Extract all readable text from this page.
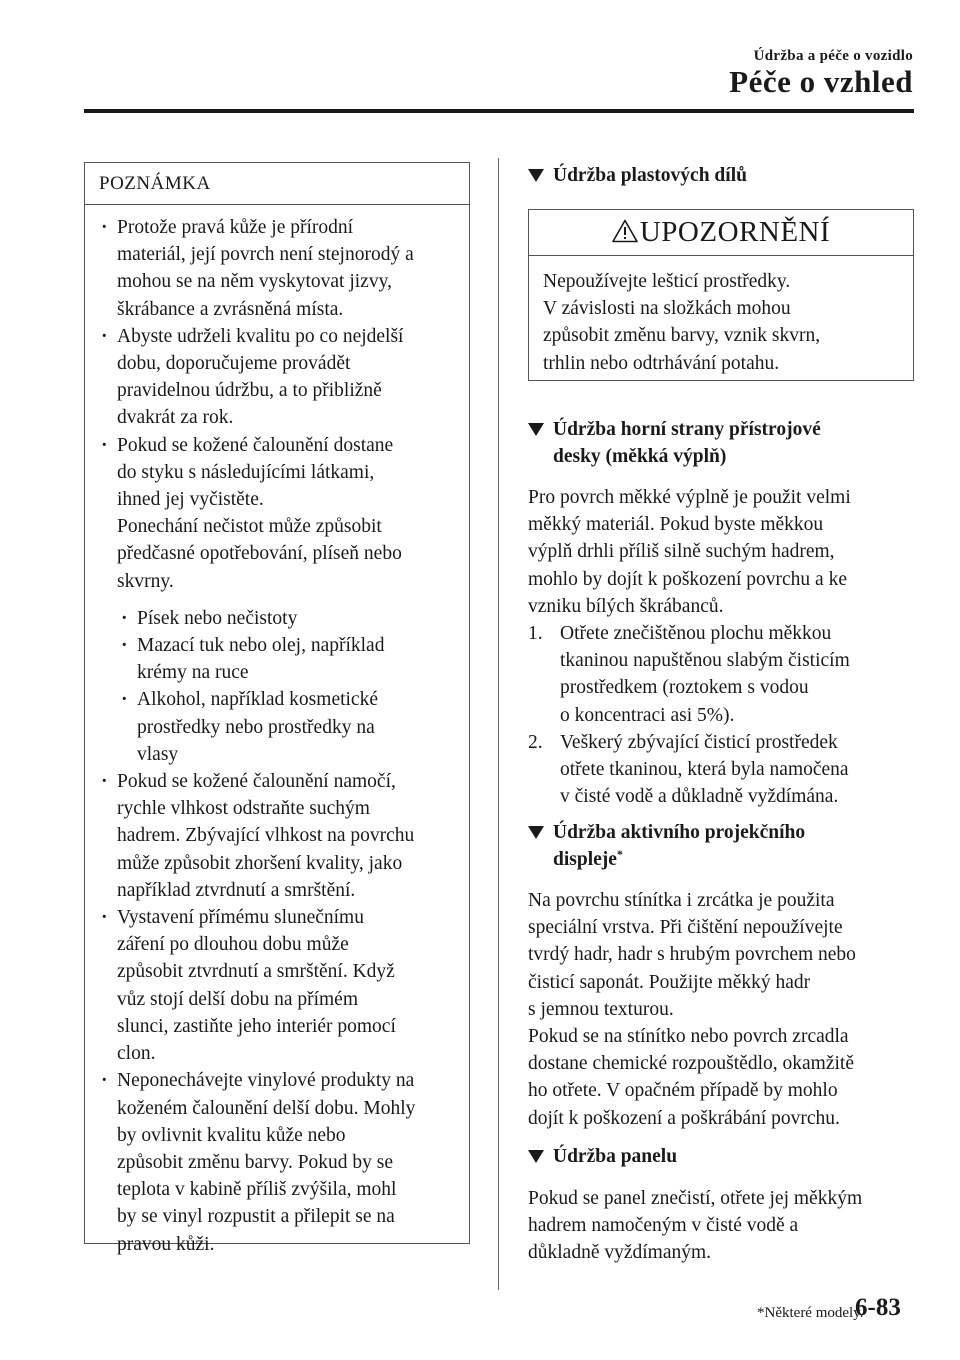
Údržba a péče o vozidlo
Péče o vzhled
POZNÁMKA
· Protože pravá kůže je přírodní
materiál, její povrch není stejnorodý a
mohou se na něm vyskytovat jizvy,
škrábance a zvrásněná místa.
· Abyste udrželi kvalitu po co nejdelší
dobu, doporučujeme provádět
pravidelnou údržbu, a to přibližně
dvakrát za rok.
· Pokud se kožené čalounění dostane
do styku s následujícími látkami,
ihned jej vyčistěte.
Ponechání nečistot může způsobit
předčasné opotřebování, plíseň nebo
skvrny.
· Písek nebo nečistoty
· Mazací tuk nebo olej, například
krémy na ruce
· Alkohol, například kosmetické
prostředky nebo prostředky na
vlasy
· Pokud se kožené čalounění namočí,
rychle vlhkost odstraňte suchým
hadrem. Zbývající vlhkost na povrchu
může způsobit zhoršení kvality, jako
například ztvrdnutí a smrštění.
· Vystavení přímému slunečnímu
záření po dlouhou dobu může
způsobit ztvrdnutí a smrštění. Když
vůz stojí delší dobu na přímém
slunci, zastiňte jeho interiér pomocí
clon.
· Neponechávejte vinylové produkty na
koženém čalounění delší dobu. Mohly
by ovlivnit kvalitu kůže nebo
způsobit změnu barvy. Pokud by se
teplota v kabině příliš zvýšila, mohl
by se vinyl rozpustit a přilepit se na
pravou kůži.
Údržba plastových dílů
UPOZORNĚNÍ
Nepoužívejte lešticí prostředky.
V závislosti na složkách mohou
způsobit změnu barvy, vznik skvrn,
trhlin nebo odtrhávání potahu.
Údržba horní strany přístrojové
desky (měkká výplň)
Pro povrch měkké výplně je použit velmi
měkký materiál. Pokud byste měkkou
výplň drhli příliš silně suchým hadrem,
mohlo by dojít k poškození povrchu a ke
vzniku bílých škrábanců.
1. Otřete znečištěnou plochu měkkou
tkaninou napuštěnou slabým čisticím
prostředkem (roztokem s vodou
o koncentraci asi 5%).
2. Veškerý zbývající čisticí prostředek
otřete tkaninou, která byla namočena
v čisté vodě a důkladně vyždímána.
Údržba aktivního projekčního
displeje*
Na povrchu stínítka i zrcátka je použita
speciální vrstva. Při čištění nepoužívejte
tvrdý hadr, hadr s hrubým povrchem nebo
čisticí saponát. Použijte měkký hadr
s jemnou texturou.
Pokud se na stínítko nebo povrch zrcadla
dostane chemické rozpouštědlo, okamžitě
ho otřete. V opačném případě by mohlo
dojít k poškození a poškrábání povrchu.
Údržba panelu
Pokud se panel znečistí, otřete jej měkkým
hadrem namočeným v čisté vodě a
důkladně vyždímaným.
*Některé modely.
6-83
